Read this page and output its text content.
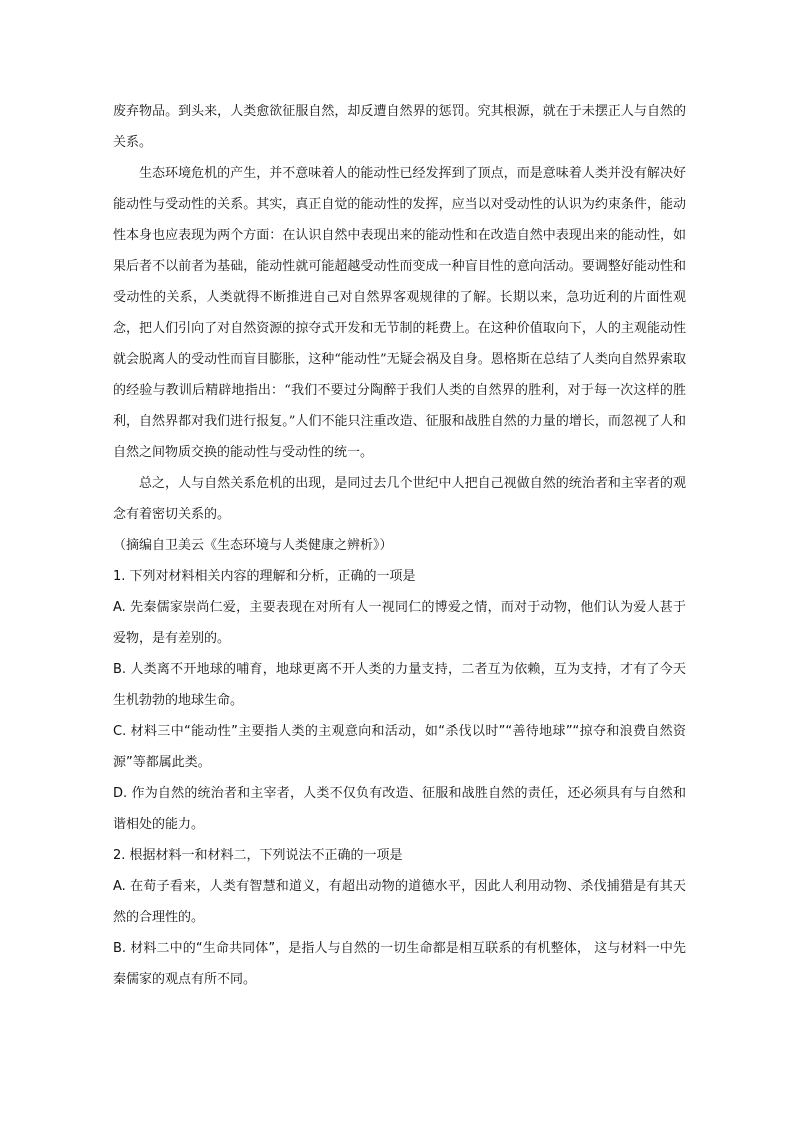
废弃物品。到头来，人类愈欲征服自然，却反遭自然界的惩罚。究其根源，就在于未摆正人与自然的关系。

生态环境危机的产生，并不意味着人的能动性已经发挥到了顶点，而是意味着人类并没有解决好能动性与受动性的关系。其实，真正自觉的能动性的发挥，应当以对受动性的认识为约束条件，能动性本身也应表现为两个方面：在认识自然中表现出来的能动性和在改造自然中表现出来的能动性，如果后者不以前者为基础，能动性就可能超越受动性而变成一种盲目性的意向活动。要调整好能动性和受动性的关系，人类就得不断推进自己对自然界客观规律的了解。长期以来，急功近利的片面性观念，把人们引向了对自然资源的掠夺式开发和无节制的耗费上。在这种价值取向下，人的主观能动性就会脱离人的受动性而盲目膨胀，这种“能动性”无疑会祸及自身。恩格斯在总结了人类向自然界索取的经验与教训后精辟地指出：“我们不要过分陶醉于我们人类的自然界的胜利，对于每一次这样的胜利，自然界都对我们进行报复。”人们不能只注重改造、征服和战胜自然的力量的增长，而忽视了人和自然之间物质交换的能动性与受动性的统一。

总之，人与自然关系危机的出现，是同过去几个世纪中人把自己视做自然的统治者和主宰者的观念有着密切关系的。

（摘编自卫美云《生态环境与人类健康之辨析》）

1. 下列对材料相关内容的理解和分析，正确的一项是

A. 先秦儒家崇尚仁爱，主要表现在对所有人一视同仁的博爱之情，而对于动物，他们认为爱人甚于爱物，是有差别的。

B. 人类离不开地球的哺育，地球更离不开人类的力量支持，二者互为依赖，互为支持，才有了今天生机勃勃的地球生命。

C. 材料三中“能动性”主要指人类的主观意向和活动，如“杀伐以时”“善待地球”“掠夺和浪费自然资源”等都属此类。

D. 作为自然的统治者和主宰者，人类不仅负有改造、征服和战胜自然的责任，还必须具有与自然和谐相处的能力。

2. 根据材料一和材料二，下列说法不正确的一项是

A. 在荀子看来，人类有智慧和道义，有超出动物的道德水平，因此人利用动物、杀伐捕猎是有其天然的合理性的。

B. 材料二中的“生命共同体”，是指人与自然的一切生命都是相互联系的有机整体， 这与材料一中先秦儒家的观点有所不同。
